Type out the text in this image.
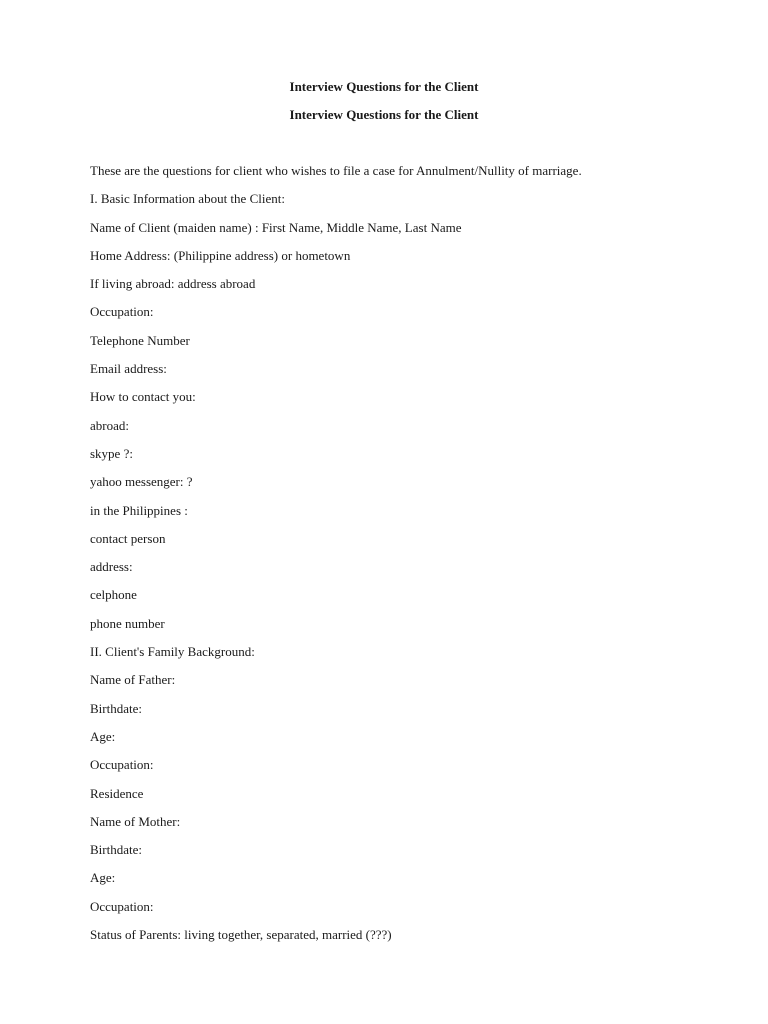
Interview Questions for the Client
Interview Questions for the Client
These are the questions for client who wishes to file a case for Annulment/Nullity of marriage.
I. Basic Information about the Client:
Name of Client (maiden name) : First Name, Middle Name, Last Name
Home Address: (Philippine address) or hometown
If living abroad: address abroad
Occupation:
Telephone Number
Email address:
How to contact you:
abroad:
skype ?:
yahoo messenger: ?
in the Philippines :
contact person
address:
celphone
phone number
II. Client's Family Background:
Name of Father:
Birthdate:
Age:
Occupation:
Residence
Name of Mother:
Birthdate:
Age:
Occupation:
Status of Parents: living together, separated, married (???)
